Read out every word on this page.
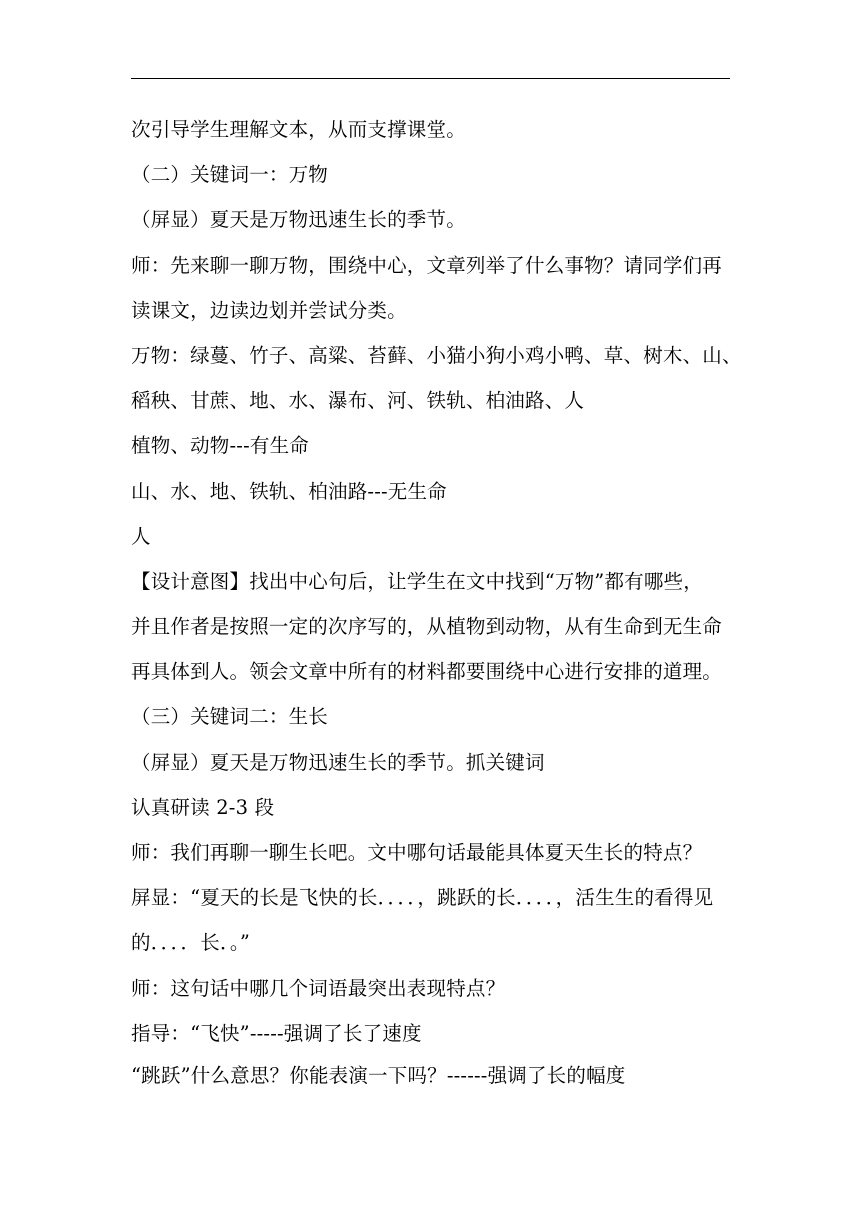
次引导学生理解文本，从而支撑课堂。
（二）关键词一：万物
（屏显）夏天是万物迅速生长的季节。
师：先来聊一聊万物，围绕中心，文章列举了什么事物？请同学们再
读课文，边读边划并尝试分类。
万物：绿蔓、竹子、高粱、苔藓、小猫小狗小鸡小鸭、草、树木、山、
稻秧、甘蔗、地、水、瀑布、河、铁轨、柏油路、人
植物、动物---有生命
山、水、地、铁轨、柏油路---无生命
人
【设计意图】找出中心句后，让学生在文中找到“万物”都有哪些，
并且作者是按照一定的次序写的，从植物到动物，从有生命到无生命
再具体到人。领会文章中所有的材料都要围绕中心进行安排的道理。
（三）关键词二：生长
（屏显）夏天是万物迅速生长的季节。抓关键词
认真研读 2-3 段
师：我们再聊一聊生长吧。文中哪句话最能具体夏天生长的特点？
屏显：“夏天的长是飞快的长．．．．，跳跃的长．．．．，活生生的看得见
的．．．．长．。”
师：这句话中哪几个词语最突出表现特点？
指导：“飞快”-----强调了长了速度
“跳跃”什么意思？你能表演一下吗？------强调了长的幅度
